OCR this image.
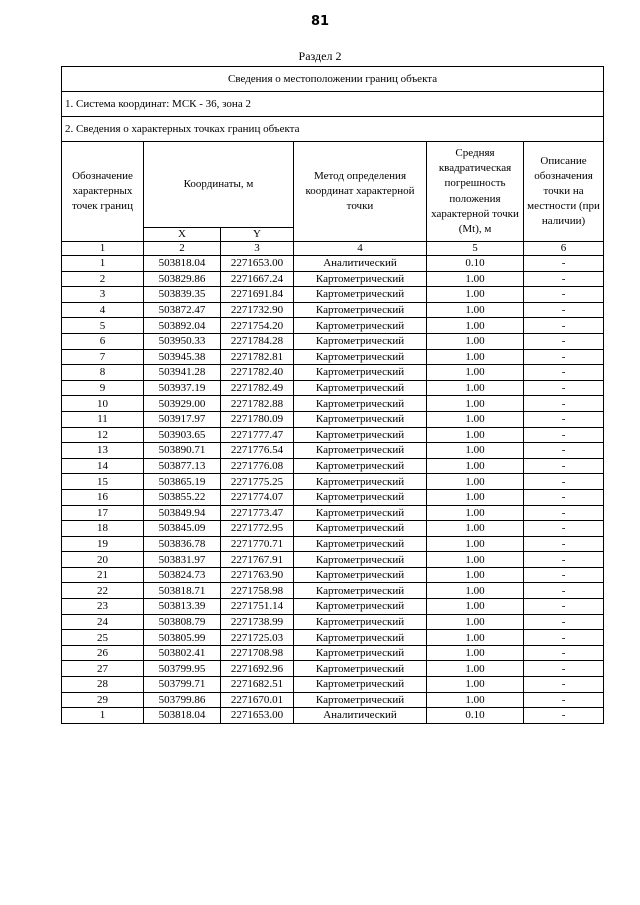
81
Раздел 2
Сведения о местоположении границ объекта					
1. Система координат: МСК - 36, зона 2					
2. Сведения о характерных точках границ объекта					
Обозначение характерных точек границ	Координаты, м		Метод определения координат характерной точки	Средняя квадратическая погрешность положения характерной точки (Mt), м	Описание обозначения точки на местности (при наличии)
	X	Y			
1	2	3	4	5	6
1	503818.04	2271653.00	Аналитический	0.10	-
2	503829.86	2271667.24	Картометрический	1.00	-
3	503839.35	2271691.84	Картометрический	1.00	-
4	503872.47	2271732.90	Картометрический	1.00	-
5	503892.04	2271754.20	Картометрический	1.00	-
6	503950.33	2271784.28	Картометрический	1.00	-
7	503945.38	2271782.81	Картометрический	1.00	-
8	503941.28	2271782.40	Картометрический	1.00	-
9	503937.19	2271782.49	Картометрический	1.00	-
10	503929.00	2271782.88	Картометрический	1.00	-
11	503917.97	2271780.09	Картометрический	1.00	-
12	503903.65	2271777.47	Картометрический	1.00	-
13	503890.71	2271776.54	Картометрический	1.00	-
14	503877.13	2271776.08	Картометрический	1.00	-
15	503865.19	2271775.25	Картометрический	1.00	-
16	503855.22	2271774.07	Картометрический	1.00	-
17	503849.94	2271773.47	Картометрический	1.00	-
18	503845.09	2271772.95	Картометрический	1.00	-
19	503836.78	2271770.71	Картометрический	1.00	-
20	503831.97	2271767.91	Картометрический	1.00	-
21	503824.73	2271763.90	Картометрический	1.00	-
22	503818.71	2271758.98	Картометрический	1.00	-
23	503813.39	2271751.14	Картометрический	1.00	-
24	503808.79	2271738.99	Картометрический	1.00	-
25	503805.99	2271725.03	Картометрический	1.00	-
26	503802.41	2271708.98	Картометрический	1.00	-
27	503799.95	2271692.96	Картометрический	1.00	-
28	503799.71	2271682.51	Картометрический	1.00	-
29	503799.86	2271670.01	Картометрический	1.00	-
1	503818.04	2271653.00	Аналитический	0.10	-
